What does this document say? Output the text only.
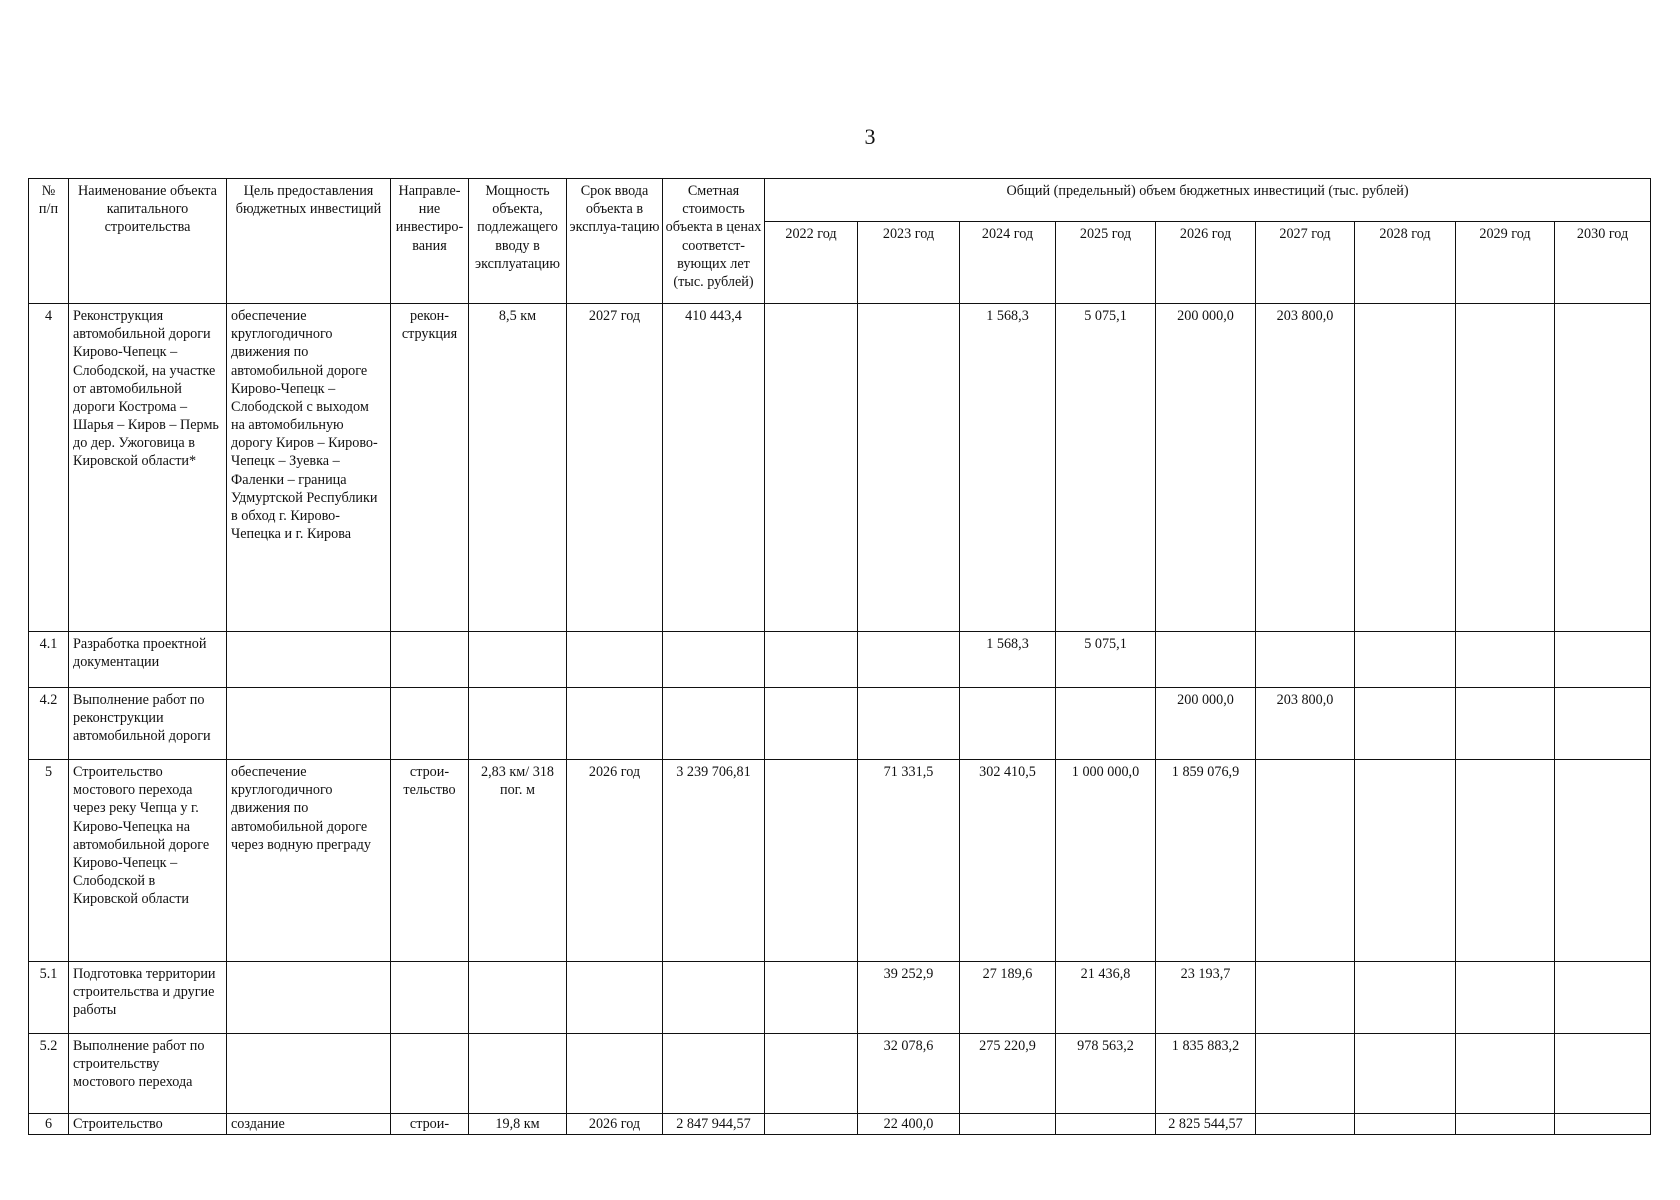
3
№
п/п	Наименование объекта капитального строительства	Цель предоставления бюджетных инвестиций	Направле-ние инвестиро-вания	Мощность объекта, подлежащего вводу в эксплуатацию	Срок ввода объекта в эксплуа-тацию	Сметная стоимость объекта в ценах соответст-вующих лет (тыс. рублей)	Общий (предельный) объем бюджетных инвестиций (тыс. рублей)								
							2022 год	2023 год	2024 год	2025 год	2026 год	2027 год	2028 год	2029 год	2030 год
4	Реконструкция автомобильной дороги Кирово-Чепецк – Слободской, на участке от автомобильной дороги Кострома – Шарья – Киров – Пермь до дер. Ужоговица в Кировской области*	обеспечение круглогодичного движения по автомобильной дороге Кирово-Чепецк – Слободской с выходом на автомобильную дорогу Киров – Кирово-Чепецк – Зуевка – Фаленки – граница Удмуртской Республики в обход г. Кирово-Чепецка и г. Кирова	рекон-струкция	8,5 км	2027 год	410 443,4			1 568,3	5 075,1	200 000,0	203 800,0			
4.1	Разработка проектной документации								1 568,3	5 075,1					
4.2	Выполнение работ по реконструкции автомобильной дороги										200 000,0	203 800,0			
5	Строительство мостового перехода через реку Чепца у г. Кирово-Чепецка на автомобильной дороге Кирово-Чепецк – Слободской в Кировской области	обеспечение круглогодичного движения по автомобильной дороге через водную преграду	строи-тельство	2,83 км/ 318 пог. м	2026 год	3 239 706,81		71 331,5	302 410,5	1 000 000,0	1 859 076,9				
5.1	Подготовка территории строительства и другие работы							39 252,9	27 189,6	21 436,8	23 193,7				
5.2	Выполнение работ по строительству мостового перехода							32 078,6	275 220,9	978 563,2	1 835 883,2				
6	Строительство	создание	строи-	19,8 км	2026 год	2 847 944,57		22 400,0			2 825 544,57				
